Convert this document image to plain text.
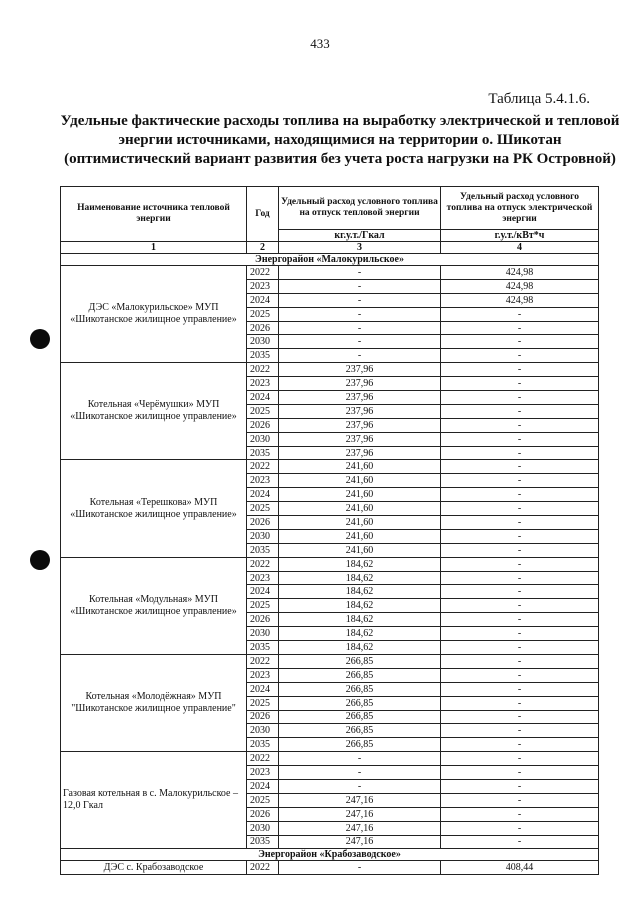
433
Таблица 5.4.1.6.
Удельные фактические расходы топлива на выработку электрической и тепловой энергии источниками, находящимися на территории о. Шикотан (оптимистический вариант развития без учета роста нагрузки на РК Островной)
Наименование источника тепловой энергии	Год	Удельный расход условного топлива на отпуск тепловой энергии	Удельный расход условного топлива на отпуск электрической энергии
		кг.у.т./Гкал	г.у.т./кВт*ч
1	2	3	4
Энергорайон «Малокурильское»			
ДЭС «Малокурильское» МУП «Шикотанское жилищное управление»	2022	-	424,98
	2023	-	424,98
	2024	-	424,98
	2025	-	-
	2026	-	-
	2030	-	-
	2035	-	-
Котельная «Черёмушки» МУП «Шикотанское жилищное управление»	2022	237,96	-
	2023	237,96	-
	2024	237,96	-
	2025	237,96	-
	2026	237,96	-
	2030	237,96	-
	2035	237,96	-
Котельная «Терешкова» МУП «Шикотанское жилищное управление»	2022	241,60	-
	2023	241,60	-
	2024	241,60	-
	2025	241,60	-
	2026	241,60	-
	2030	241,60	-
	2035	241,60	-
Котельная «Модульная» МУП «Шикотанское жилищное управление»	2022	184,62	-
	2023	184,62	-
	2024	184,62	-
	2025	184,62	-
	2026	184,62	-
	2030	184,62	-
	2035	184,62	-
Котельная «Молодёжная» МУП "Шикотанское жилищное управление"	2022	266,85	-
	2023	266,85	-
	2024	266,85	-
	2025	266,85	-
	2026	266,85	-
	2030	266,85	-
	2035	266,85	-
Газовая котельная в с. Малокурильское – 12,0 Гкал	2022	-	-
	2023	-	-
	2024	-	-
	2025	247,16	-
	2026	247,16	-
	2030	247,16	-
	2035	247,16	-
Энергорайон «Крабозаводское»			
ДЭС с. Крабозаводское	2022	-	408,44
